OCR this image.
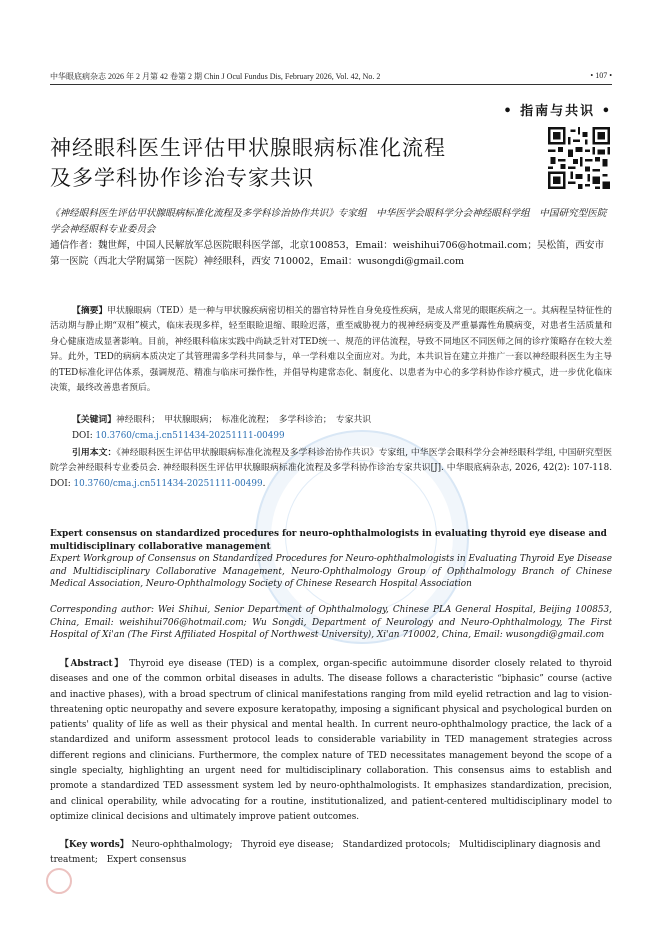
中华眼底病杂志 2026 年 2 月第 42 卷第 2 期 Chin J Ocul Fundus Dis, February 2026, Vol. 42, No. 2	• 107 •
• 指南与共识 •
神经眼科医生评估甲状腺眼病标准化流程
及多学科协作诊治专家共识
《神经眼科医生评估甲状腺眼病标准化流程及多学科诊治协作共识》专家组　中华医学会眼科学分会神经眼科学组　中国研究型医院学会神经眼科专业委员会
通信作者：魏世辉，中国人民解放军总医院眼科医学部，北京100853，Email：weishihui706@hotmail.com；吴松笛，西安市第一医院（西北大学附属第一医院）神经眼科，西安 710002，Email：wusongdi@gmail.com
【摘要】甲状腺眼病（TED）是一种与甲状腺疾病密切相关的器官特异性自身免疫性疾病，是成人常见的眼眶疾病之一。其病程呈特征性的活动期与静止期“双相”模式，临床表现多样，轻至眼睑退缩、眼睑迟落，重至威胁视力的视神经病变及严重暴露性角膜病变，对患者生活质量和身心健康造成显著影响。目前，神经眼科临床实践中尚缺乏针对TED统一、规范的评估流程，导致不同地区不同医师之间的诊疗策略存在较大差异。此外，TED的病病本质决定了其管理需多学科共同参与，单一学科难以全面应对。为此，本共识旨在建立并推广一套以神经眼科医生为主导的TED标准化评估体系，强调规范、精准与临床可操作性，并倡导构建常态化、制度化、以患者为中心的多学科协作诊疗模式，进一步优化临床决策，最终改善患者预后。
【关键词】神经眼科；　甲状腺眼病；　标准化流程；　多学科诊治；　专家共识
DOI: 10.3760/cma.j.cn511434-20251111-00499
引用本文：《神经眼科医生评估甲状腺眼病标准化流程及多学科诊治协作共识》专家组, 中华医学会眼科学分会神经眼科学组, 中国研究型医院学会神经眼科专业委员会. 神经眼科医生评估甲状腺眼病标准化流程及多学科协作诊治专家共识[J]. 中华眼底病杂志, 2026, 42(2): 107-118. DOI: 10.3760/cma.j.cn511434-20251111-00499.
Expert consensus on standardized procedures for neuro-ophthalmologists in evaluating thyroid eye disease and multidisciplinary collaborative management
Expert Workgroup of Consensus on Standardized Procedures for Neuro-ophthalmologists in Evaluating Thyroid Eye Disease and Multidisciplinary Collaborative Management, Neuro-Ophthalmology Group of Ophthalmology Branch of Chinese Medical Association, Neuro-Ophthalmology Society of Chinese Research Hospital Association
Corresponding author: Wei Shihui, Senior Department of Ophthalmology, Chinese PLA General Hospital, Beijing 100853, China, Email: weishihui706@hotmail.com; Wu Songdi, Department of Neurology and Neuro-Ophthalmology, The First Hospital of Xi'an (The First Affiliated Hospital of Northwest University), Xi'an 710002, China, Email: wusongdi@gmail.com
【Abstract】 Thyroid eye disease (TED) is a complex, organ-specific autoimmune disorder closely related to thyroid diseases and one of the common orbital diseases in adults. The disease follows a characteristic “biphasic” course (active and inactive phases), with a broad spectrum of clinical manifestations ranging from mild eyelid retraction and lag to vision-threatening optic neuropathy and severe exposure keratopathy, imposing a significant physical and psychological burden on patients' quality of life as well as their physical and mental health. In current neuro-ophthalmology practice, the lack of a standardized and uniform assessment protocol leads to considerable variability in TED management strategies across different regions and clinicians. Furthermore, the complex nature of TED necessitates management beyond the scope of a single specialty, highlighting an urgent need for multidisciplinary collaboration. This consensus aims to establish and promote a standardized TED assessment system led by neuro-ophthalmologists. It emphasizes standardization, precision, and clinical operability, while advocating for a routine, institutionalized, and patient-centered multidisciplinary model to optimize clinical decisions and ultimately improve patient outcomes.
【Key words】 Neuro-ophthalmology;　Thyroid eye disease;　Standardized protocols;　Multidisciplinary diagnosis and treatment;　Expert consensus
